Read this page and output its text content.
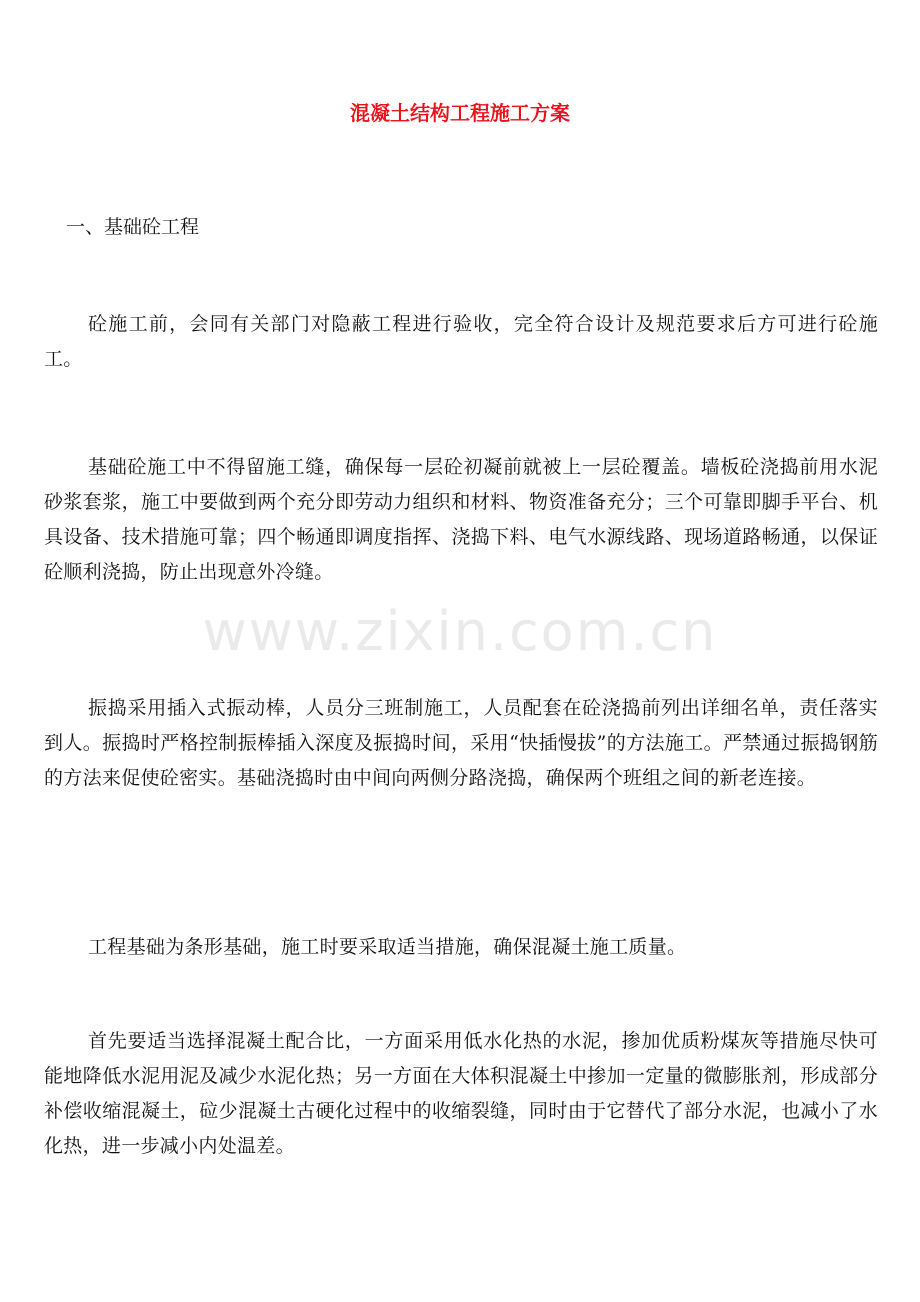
混凝土结构工程施工方案
一、基础砼工程

砼施工前，会同有关部门对隐蔽工程进行验收，完全符合设计及规范要求后方可进行砼施工。

基础砼施工中不得留施工缝，确保每一层砼初凝前就被上一层砼覆盖。墙板砼浇捣前用水泥砂浆套浆，施工中要做到两个充分即劳动力组织和材料、物资准备充分；三个可靠即脚手平台、机具设备、技术措施可靠；四个畅通即调度指挥、浇捣下料、电气水源线路、现场道路畅通，以保证砼顺利浇捣，防止出现意外冷缝。

振捣采用插入式振动棒，人员分三班制施工，人员配套在砼浇捣前列出详细名单，责任落实到人。振捣时严格控制振棒插入深度及振捣时间，采用“快插慢拔”的方法施工。严禁通过振捣钢筋的方法来促使砼密实。基础浇捣时由中间向两侧分路浇捣，确保两个班组之间的新老连接。

工程基础为条形基础，施工时要采取适当措施，确保混凝土施工质量。

首先要适当选择混凝土配合比，一方面采用低水化热的水泥，掺加优质粉煤灰等措施尽快可能地降低水泥用泥及减少水泥化热；另一方面在大体积混凝土中掺加一定量的微膨胀剂，形成部分补偿收缩混凝土，砬少混凝土古硬化过程中的收缩裂缝，同时由于它替代了部分水泥，也减小了水化热，进一步减小内处温差。

www.zixin.com.cn
